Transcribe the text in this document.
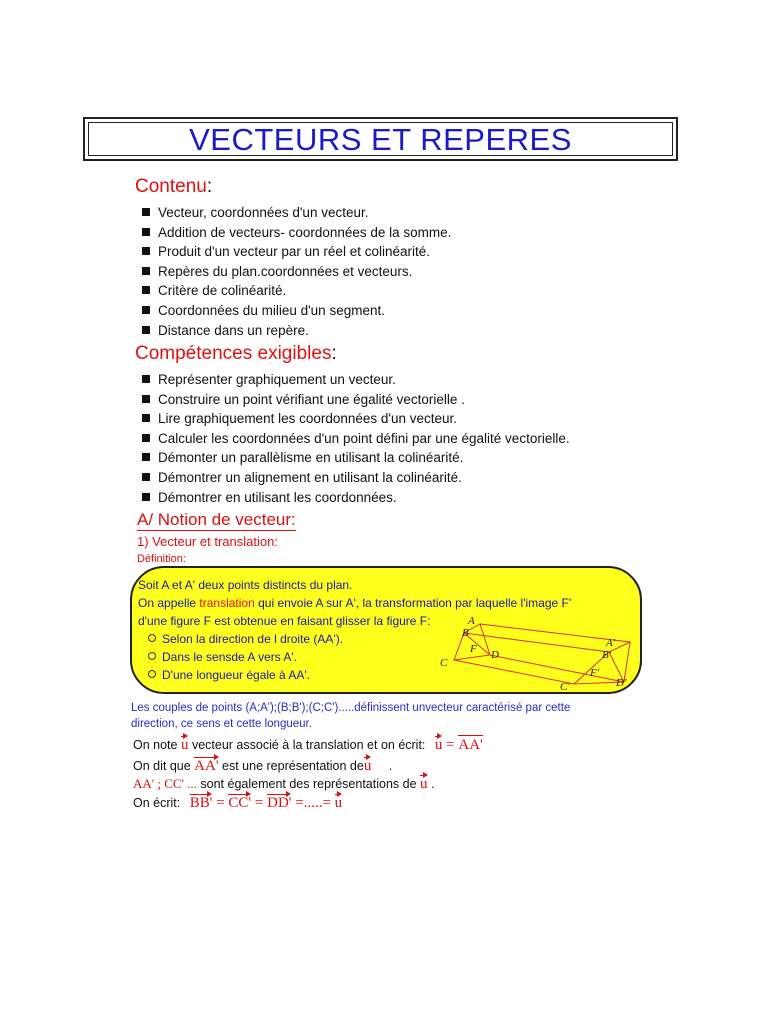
VECTEURS ET REPERES
Contenu:
Vecteur, coordonnées d'un vecteur.
Addition de vecteurs- coordonnées de la somme.
Produit d'un vecteur par un réel et colinéarité.
Repères du plan.coordonnées et vecteurs.
Critère de colinéarité.
Coordonnées du milieu d'un segment.
Distance dans un repère.
Compétences exigibles:
Représenter graphiquement un vecteur.
Construire un point vérifiant une égalité vectorielle .
Lire graphiquement les coordonnées d'un vecteur.
Calculer les coordonnées d'un point défini par une égalité vectorielle.
Démonter un parallèlisme en utilisant la colinéarité.
Démontrer un alignement en utilisant la colinéarité.
Démontrer en utilisant les coordonnées.
A/ Notion de vecteur:
1) Vecteur et translation:
Définition:
Soit A et A' deux points distincts du plan.
On appelle translation qui envoie A sur A', la transformation par laquelle l'image F'
d'une figure F est obtenue en faisant glisser la figure F:
Selon la direction de l droite (AA').
Dans le sensde A vers A'.
D'une longueur égale à AA'.
A
B
C
F D
A'
B'
C'
F'
D'
Les couples de points (A;A');(B;B');(C;C').....définissent unvecteur caractérisé par cette
direction, ce sens et cette longueur.
On note u vecteur associé à la translation et on écrit: u = AA'
On dit que AA' est une représentation deu .
AA' ; CC' ... sont également des représentations de u .
On écrit: BB' = CC' = DD' =.....= u
